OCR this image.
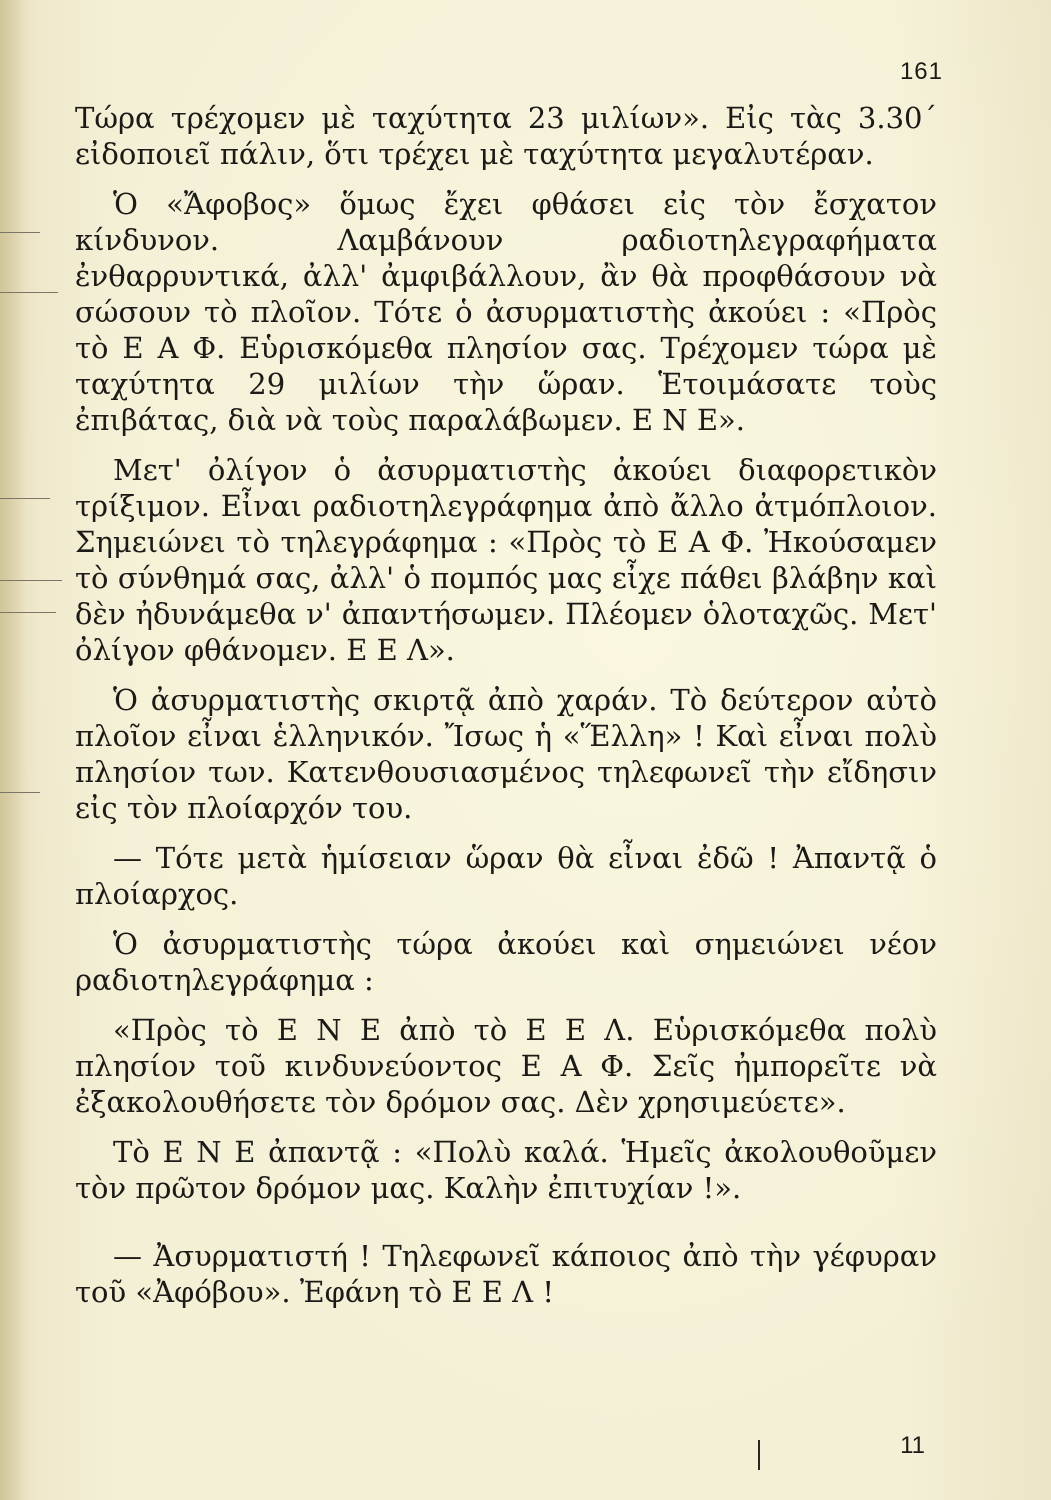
161

Τώρα τρέχομεν μὲ ταχύτητα 23 μιλίων». Εἰς τὰς 3.30΄ εἰδοποιεῖ πάλιν, ὅτι τρέχει μὲ ταχύτητα μεγαλυτέραν.

Ὁ «Ἄφοβος» ὅμως ἔχει φθάσει εἰς τὸν ἔσχατον κίνδυνον. Λαμβάνουν ραδιοτηλεγραφήματα ἐνθαρρυντικά, ἀλλ' ἀμφιβάλλουν, ἂν θὰ προφθάσουν νὰ σώσουν τὸ πλοῖον. Τότε ὁ ἀσυρματιστὴς ἀκούει : «Πρὸς τὸ Ε Α Φ. Εὑρισκόμεθα πλησίον σας. Τρέχομεν τώρα μὲ ταχύτητα 29 μιλίων τὴν ὥραν. Ἑτοιμάσατε τοὺς ἐπιβάτας, διὰ νὰ τοὺς παραλάβωμεν. Ε Ν Ε».

Μετ' ὀλίγον ὁ ἀσυρματιστὴς ἀκούει διαφορετικὸν τρίξιμον. Εἶναι ραδιοτηλεγράφημα ἀπὸ ἄλλο ἀτμόπλοιον. Σημειώνει τὸ τηλεγράφημα : «Πρὸς τὸ Ε Α Φ. Ἠκούσαμεν τὸ σύνθημά σας, ἀλλ' ὁ πομπός μας εἶχε πάθει βλάβην καὶ δὲν ἠδυνάμεθα ν' ἀπαντήσωμεν. Πλέομεν ὁλοταχῶς. Μετ' ὀλίγον φθάνομεν. Ε Ε Λ».

Ὁ ἀσυρματιστὴς σκιρτᾷ ἀπὸ χαράν. Τὸ δεύτερον αὐτὸ πλοῖον εἶναι ἑλληνικόν. Ἴσως ἡ «Ἕλλη» ! Καὶ εἶναι πολὺ πλησίον των. Κατενθουσιασμένος τηλεφωνεῖ τὴν εἴδησιν εἰς τὸν πλοίαρχόν του.

— Τότε μετὰ ἡμίσειαν ὥραν θὰ εἶναι ἐδῶ ! Ἀπαντᾷ ὁ πλοίαρχος.

Ὁ ἀσυρματιστὴς τώρα ἀκούει καὶ σημειώνει νέον ραδιοτηλεγράφημα :

«Πρὸς τὸ Ε Ν Ε ἀπὸ τὸ Ε Ε Λ. Εὑρισκόμεθα πολὺ πλησίον τοῦ κινδυνεύοντος Ε Α Φ. Σεῖς ἠμπορεῖτε νὰ ἐξακολουθήσετε τὸν δρόμον σας. Δὲν χρησιμεύετε».

Τὸ Ε Ν Ε ἀπαντᾷ : «Πολὺ καλά. Ἡμεῖς ἀκολουθοῦμεν τὸν πρῶτον δρόμον μας. Καλὴν ἐπιτυχίαν !».

— Ἀσυρματιστή ! Τηλεφωνεῖ κάποιος ἀπὸ τὴν γέφυραν τοῦ «Ἀφόβου». Ἐφάνη τὸ Ε Ε Λ !

11
